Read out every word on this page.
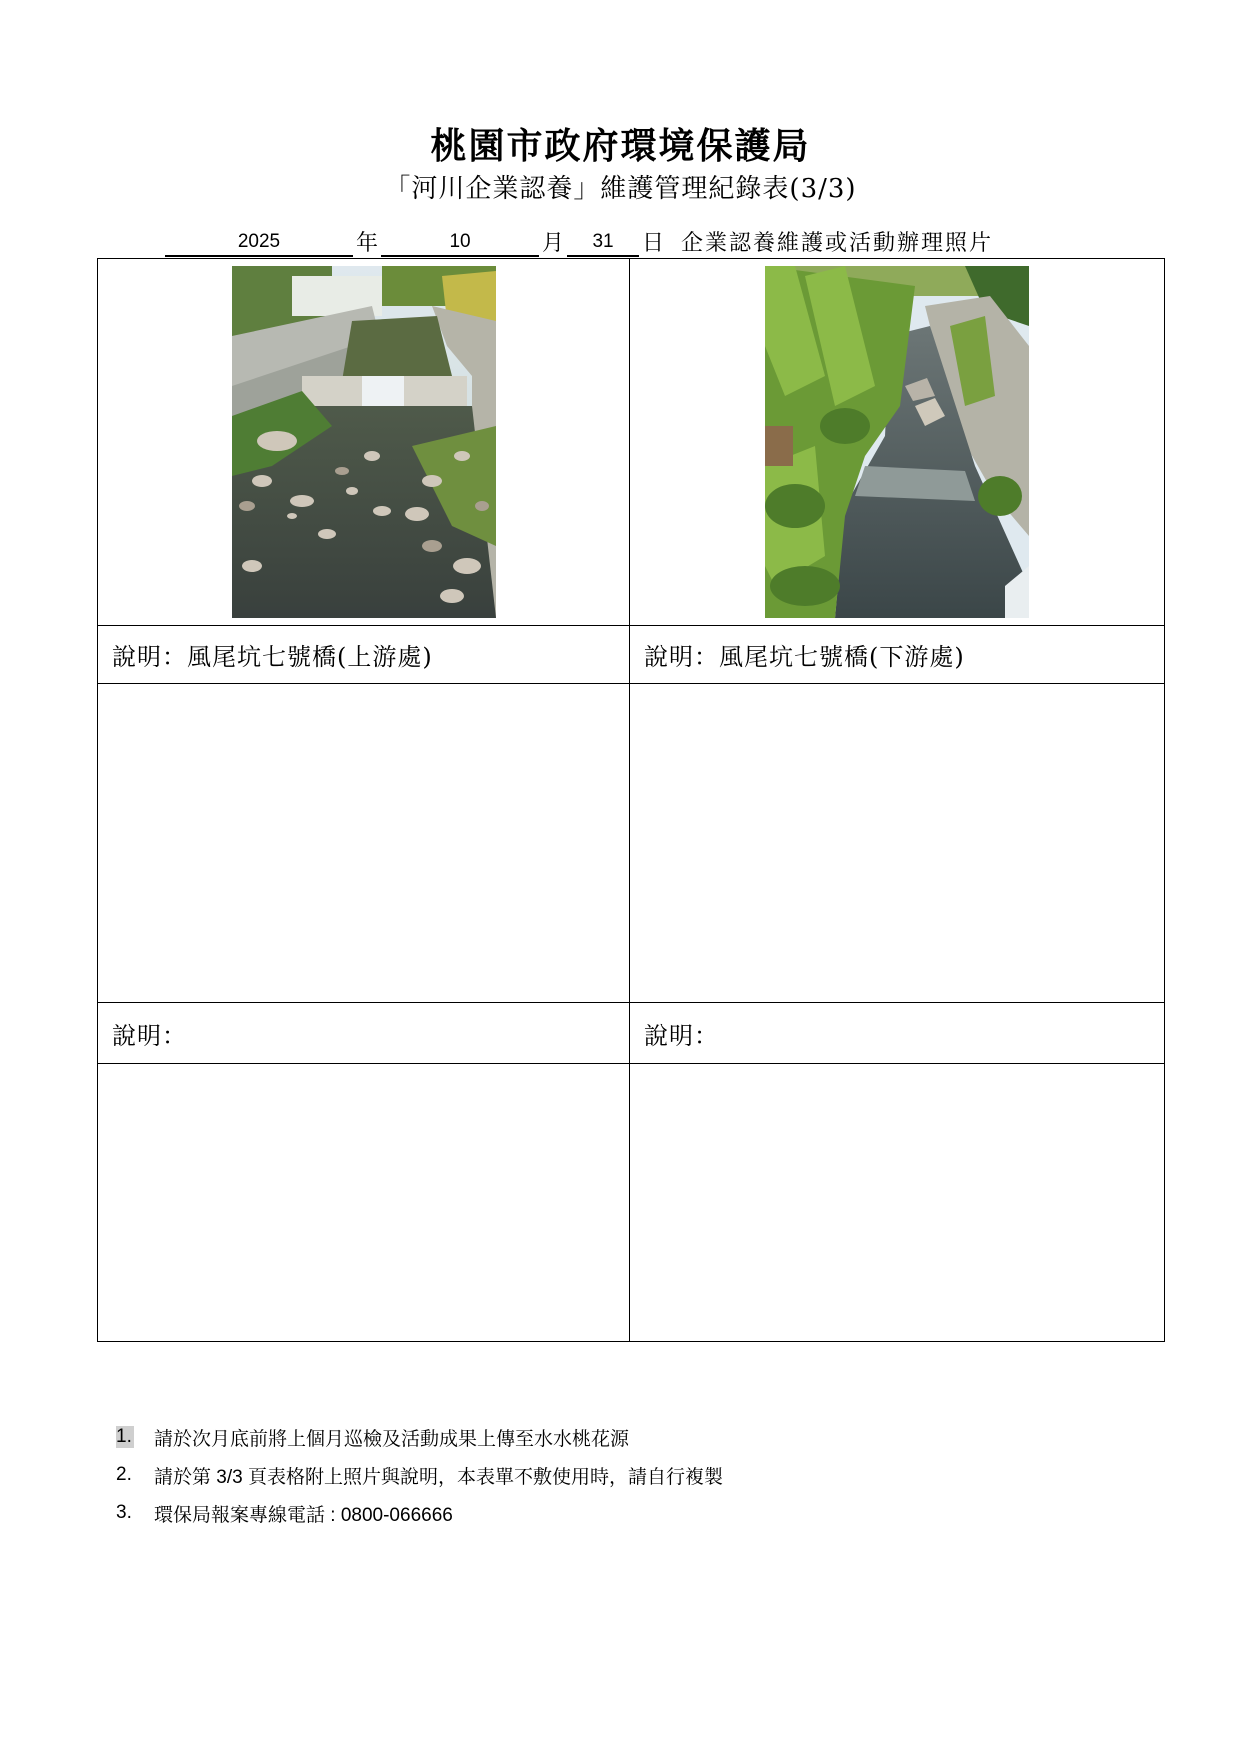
桃園市政府環境保護局
「河川企業認養」維護管理紀錄表(3/3)
2025	年	10	月 31 日 企業認養維護或活動辦理照片

說明：風尾坑七號橋(上游處)	說明：風尾坑七號橋(下游處)

說明：	說明：

1. 請於次月底前將上個月巡檢及活動成果上傳至水水桃花源
2. 請於第 3/3 頁表格附上照片與說明，本表單不敷使用時，請自行複製
3. 環保局報案專線電話 : 0800-066666
